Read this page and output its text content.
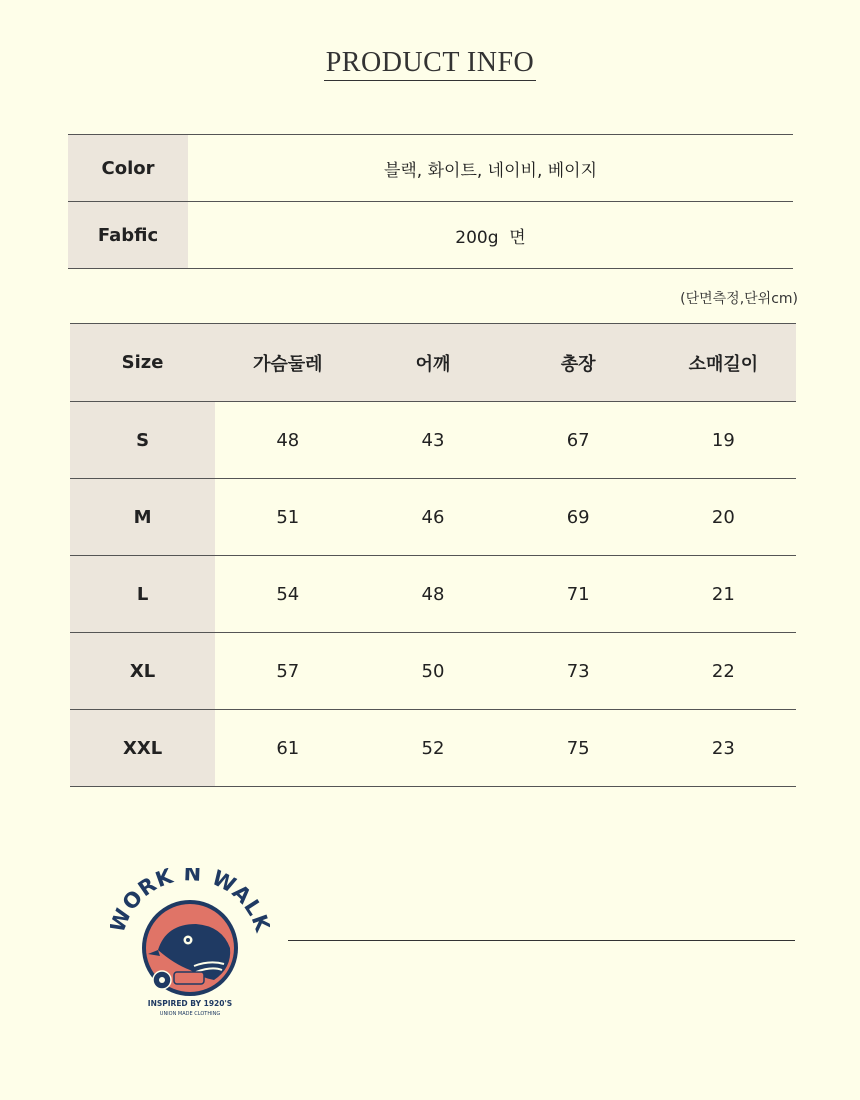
PRODUCT INFO
Color	블랙, 화이트, 네이비, 베이지
Fabfic	200g  면
(단면측정,단위cm)
Size	가슴둘레	어깨	총장	소매길이
S	48	43	67	19
M	51	46	69	20
L	54	48	71	21
XL	57	50	73	22
XXL	61	52	75	23
ORK N WAL
INSPIRED BY 1920'S
UNION MADE CLOTHING
